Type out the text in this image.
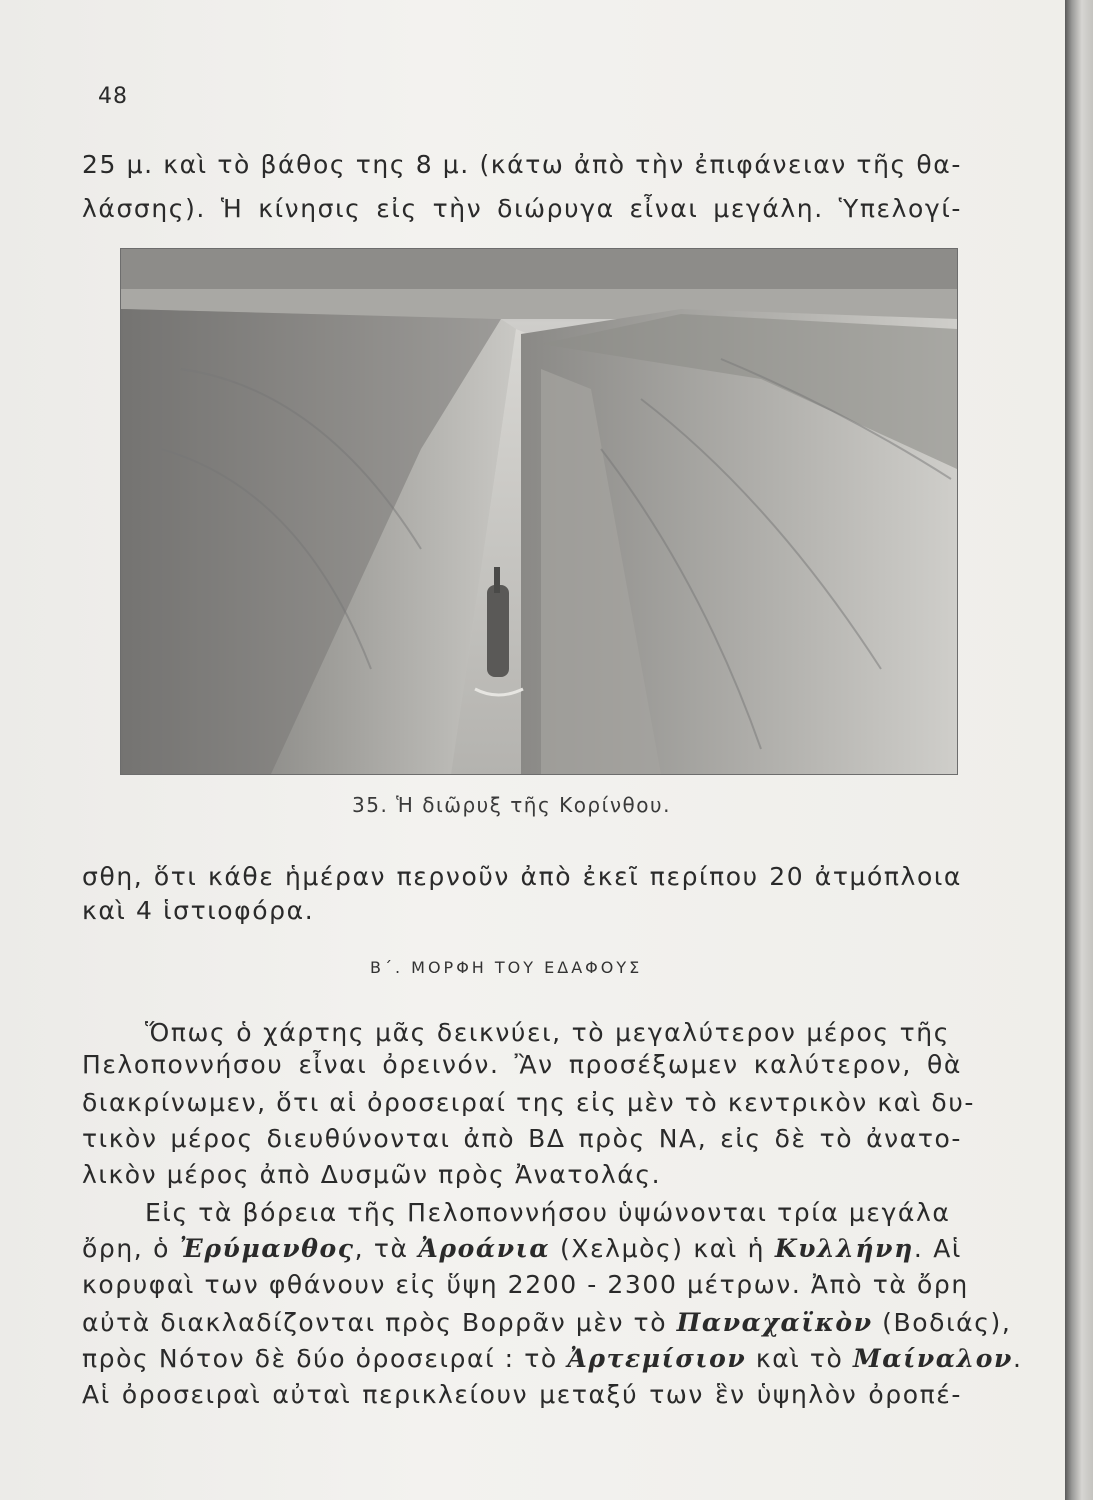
48
25 μ. καὶ τὸ βάθος της 8 μ. (κάτω ἀπὸ τὴν ἐπιφάνειαν τῆς θα-
λάσσης). Ἡ κίνησις εἰς τὴν διώρυγα εἶναι μεγάλη. Ὑπελογί-
35. Ἡ διῶρυξ τῆς Κορίνθου.
σθη, ὅτι κάθε ἡμέραν περνοῦν ἀπὸ ἐκεῖ περίπου 20 ἀτμόπλοια
καὶ 4 ἱστιοφόρα.
Β΄. ΜΟΡΦΗ ΤΟΥ ΕΔΑΦΟΥΣ
Ὅπως ὁ χάρτης μᾶς δεικνύει, τὸ μεγαλύτερον μέρος τῆς
Πελοποννήσου εἶναι ὀρεινόν. Ἂν προσέξωμεν καλύτερον, θὰ
διακρίνωμεν, ὅτι αἱ ὀροσειραί της εἰς μὲν τὸ κεντρικὸν καὶ δυ-
τικὸν μέρος διευθύνονται ἀπὸ ΒΔ πρὸς ΝΑ, εἰς δὲ τὸ ἀνατο-
λικὸν μέρος ἀπὸ Δυσμῶν πρὸς Ἀνατολάς.
Εἰς τὰ βόρεια τῆς Πελοποννήσου ὑψώνονται τρία μεγάλα
ὄρη, ὁ Ἐρύμανθος, τὰ Ἀροάνια (Χελμὸς) καὶ ἡ Κυλλήνη. Αἱ
κορυφαὶ των φθάνουν εἰς ὕψη 2200 - 2300 μέτρων. Ἀπὸ τὰ ὄρη
αὐτὰ διακλαδίζονται πρὸς Βορρᾶν μὲν τὸ Παναχαϊκὸν (Βοδιάς),
πρὸς Νότον δὲ δύο ὀροσειραί : τὸ Ἀρτεμίσιον καὶ τὸ Μαίναλον.
Αἱ ὀροσειραὶ αὐταὶ περικλείουν μεταξύ των ἓν ὑψηλὸν ὀροπέ-
